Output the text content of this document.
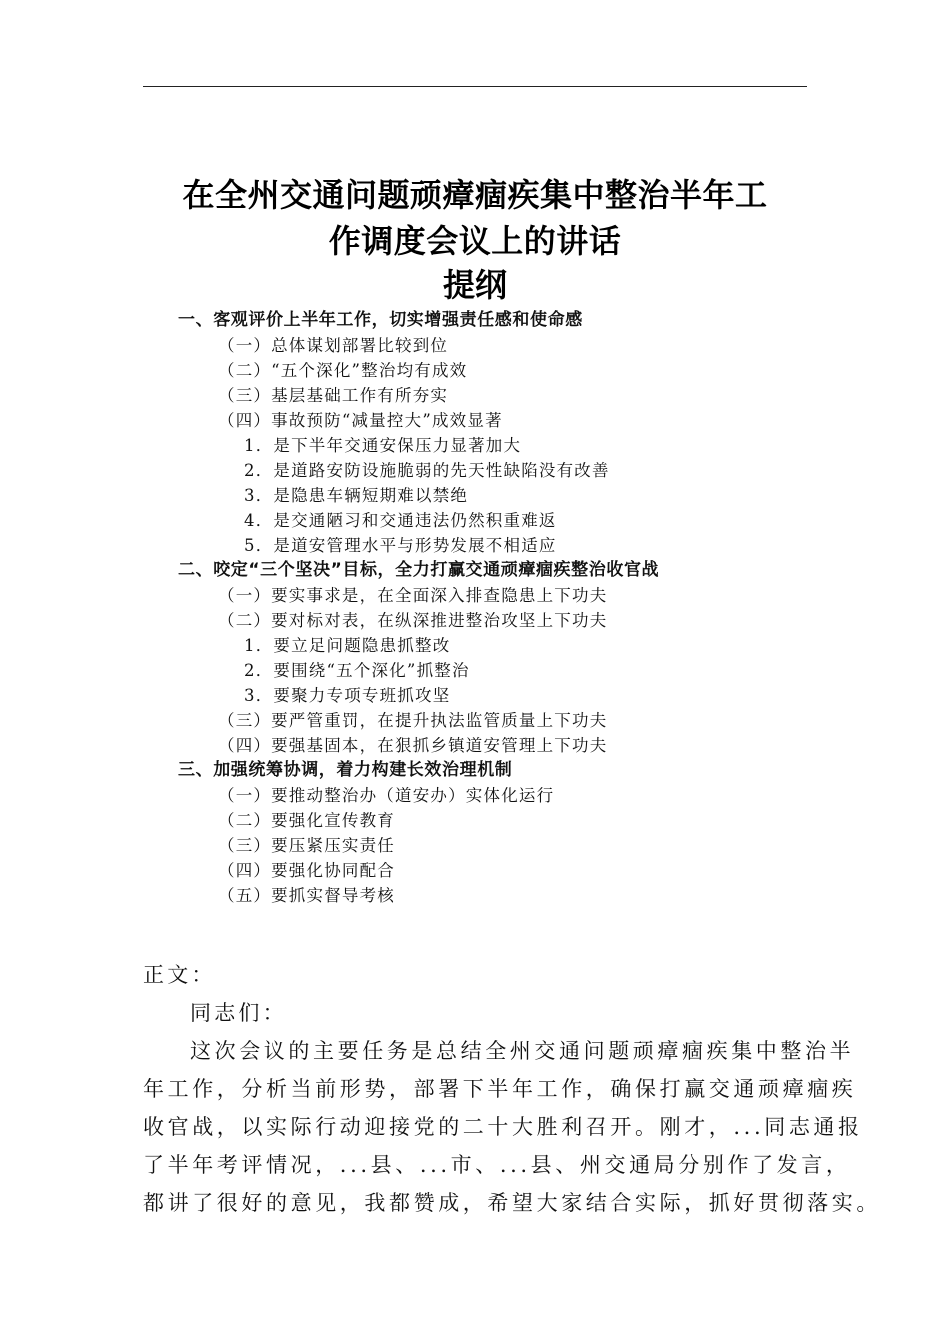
在全州交通问题顽瘴痼疾集中整治半年工
作调度会议上的讲话
提纲
一、客观评价上半年工作，切实增强责任感和使命感
（一）总体谋划部署比较到位
（二）“五个深化”整治均有成效
（三）基层基础工作有所夯实
（四）事故预防“减量控大”成效显著
1．是下半年交通安保压力显著加大
2．是道路安防设施脆弱的先天性缺陷没有改善
3．是隐患车辆短期难以禁绝
4．是交通陋习和交通违法仍然积重难返
5．是道安管理水平与形势发展不相适应
二、咬定“三个坚决”目标，全力打赢交通顽瘴痼疾整治收官战
（一）要实事求是，在全面深入排查隐患上下功夫
（二）要对标对表，在纵深推进整治攻坚上下功夫
1．要立足问题隐患抓整改
2．要围绕“五个深化”抓整治
3．要聚力专项专班抓攻坚
（三）要严管重罚，在提升执法监管质量上下功夫
（四）要强基固本，在狠抓乡镇道安管理上下功夫
三、加强统筹协调，着力构建长效治理机制
（一）要推动整治办（道安办）实体化运行
（二）要强化宣传教育
（三）要压紧压实责任
（四）要强化协同配合
（五）要抓实督导考核
正文：
同志们：
这次会议的主要任务是总结全州交通问题顽瘴痼疾集中整治半
年工作，分析当前形势，部署下半年工作，确保打赢交通顽瘴痼疾
收官战，以实际行动迎接党的二十大胜利召开。刚才，...同志通报
了半年考评情况，...县、...市、...县、州交通局分别作了发言，
都讲了很好的意见，我都赞成，希望大家结合实际，抓好贯彻落实。
